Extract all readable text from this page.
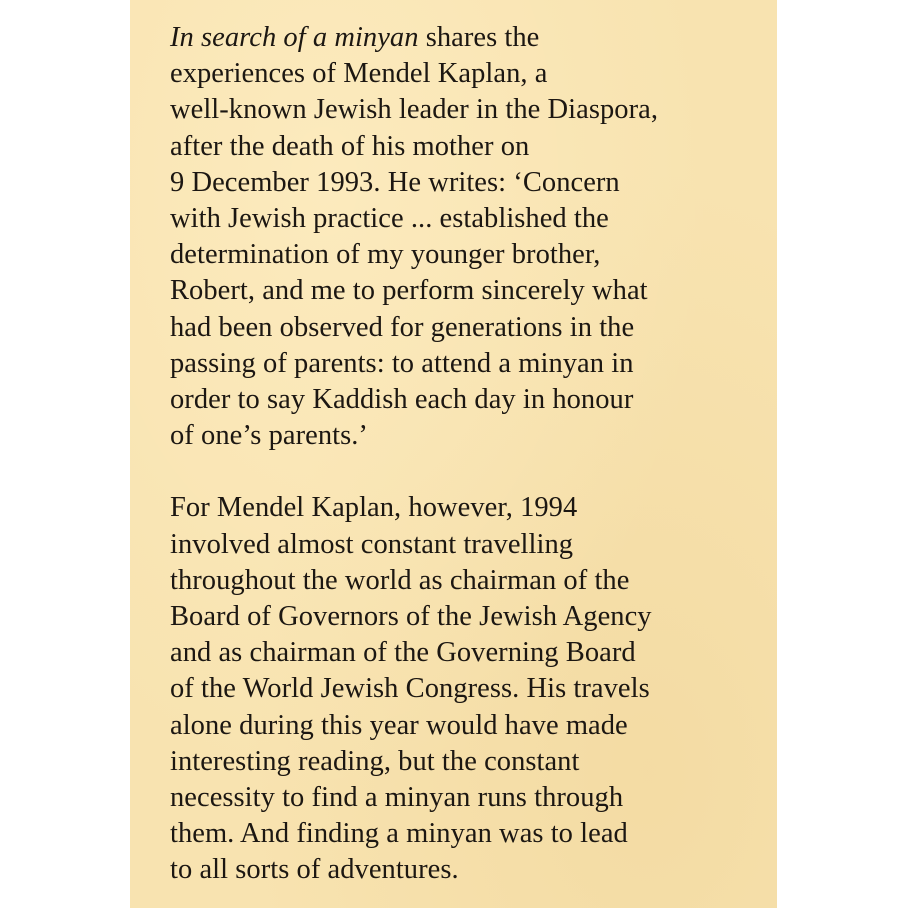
In search of a minyan shares the
experiences of Mendel Kaplan, a
well-known Jewish leader in the Diaspora,
after the death of his mother on
9 December 1993. He writes: ‘Concern
with Jewish practice ... established the
determination of my younger brother,
Robert, and me to perform sincerely what
had been observed for generations in the
passing of parents: to attend a minyan in
order to say Kaddish each day in honour
of one’s parents.’

For Mendel Kaplan, however, 1994
involved almost constant travelling
throughout the world as chairman of the
Board of Governors of the Jewish Agency
and as chairman of the Governing Board
of the World Jewish Congress. His travels
alone during this year would have made
interesting reading, but the constant
necessity to find a minyan runs through
them. And finding a minyan was to lead
to all sorts of adventures.
